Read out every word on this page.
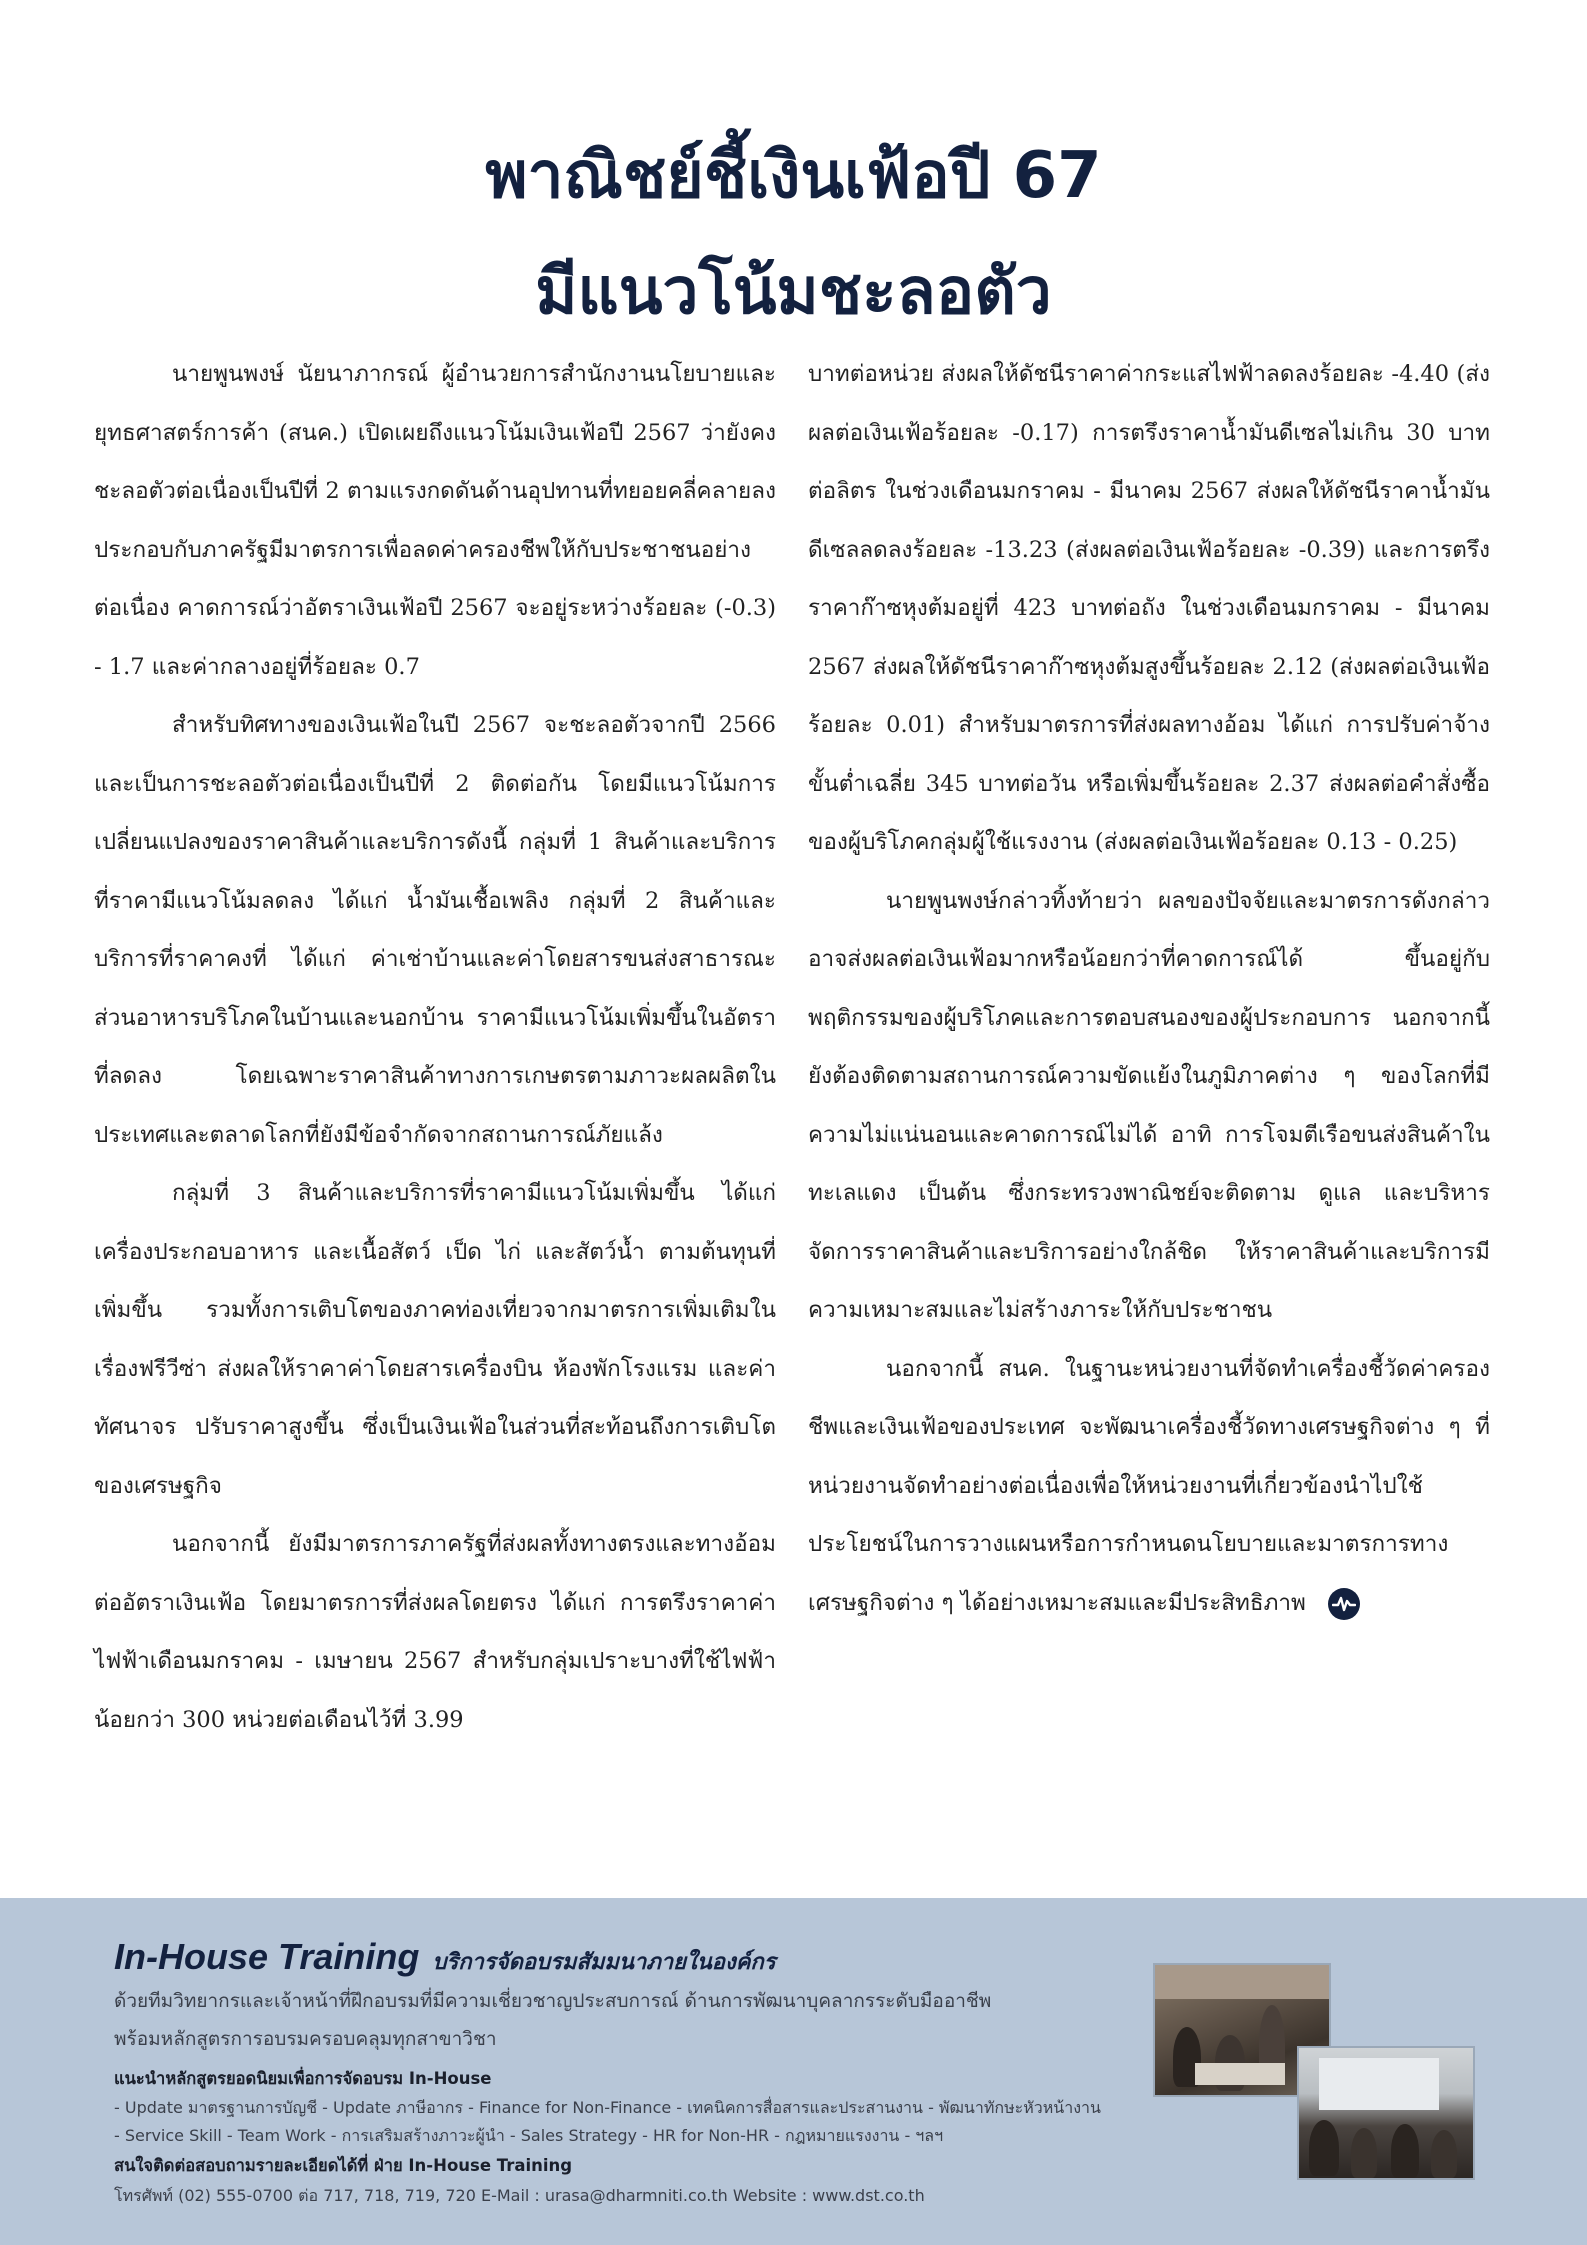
พาณิชย์ชี้เงินเฟ้อปี 67
มีแนวโน้มชะลอตัว

นายพูนพงษ์ นัยนาภากรณ์ ผู้อำนวยการสำนักงานนโยบายและยุทธศาสตร์การค้า (สนค.) เปิดเผยถึงแนวโน้มเงินเฟ้อปี 2567 ว่ายังคงชะลอตัวต่อเนื่องเป็นปีที่ 2 ตามแรงกดดันด้านอุปทานที่ทยอยคลี่คลายลง ประกอบกับภาครัฐมีมาตรการเพื่อลดค่าครองชีพให้กับประชาชนอย่างต่อเนื่อง คาดการณ์ว่าอัตราเงินเฟ้อปี 2567 จะอยู่ระหว่างร้อยละ (-0.3) - 1.7 และค่ากลางอยู่ที่ร้อยละ 0.7

สำหรับทิศทางของเงินเฟ้อในปี 2567 จะชะลอตัวจากปี 2566 และเป็นการชะลอตัวต่อเนื่องเป็นปีที่ 2 ติดต่อกัน โดยมีแนวโน้มการเปลี่ยนแปลงของราคาสินค้าและบริการดังนี้ กลุ่มที่ 1 สินค้าและบริการที่ราคามีแนวโน้มลดลง ได้แก่ น้ำมันเชื้อเพลิง กลุ่มที่ 2 สินค้าและบริการที่ราคาคงที่ ได้แก่ ค่าเช่าบ้านและค่าโดยสารขนส่งสาธารณะ ส่วนอาหารบริโภคในบ้านและนอกบ้าน ราคามีแนวโน้มเพิ่มขึ้นในอัตราที่ลดลง โดยเฉพาะราคาสินค้าทางการเกษตรตามภาวะผลผลิตในประเทศและตลาดโลกที่ยังมีข้อจำกัดจากสถานการณ์ภัยแล้ง

กลุ่มที่ 3 สินค้าและบริการที่ราคามีแนวโน้มเพิ่มขึ้น ได้แก่ เครื่องประกอบอาหาร และเนื้อสัตว์ เป็ด ไก่ และสัตว์น้ำ ตามต้นทุนที่เพิ่มขึ้น รวมทั้งการเติบโตของภาคท่องเที่ยวจากมาตรการเพิ่มเติมในเรื่องฟรีวีซ่า ส่งผลให้ราคาค่าโดยสารเครื่องบิน ห้องพักโรงแรม และค่าทัศนาจร ปรับราคาสูงขึ้น ซึ่งเป็นเงินเฟ้อในส่วนที่สะท้อนถึงการเติบโตของเศรษฐกิจ

นอกจากนี้ ยังมีมาตรการภาครัฐที่ส่งผลทั้งทางตรงและทางอ้อมต่ออัตราเงินเฟ้อ โดยมาตรการที่ส่งผลโดยตรง ได้แก่ การตรึงราคาค่าไฟฟ้าเดือนมกราคม - เมษายน 2567 สำหรับกลุ่มเปราะบางที่ใช้ไฟฟ้าน้อยกว่า 300 หน่วยต่อเดือนไว้ที่ 3.99

บาทต่อหน่วย ส่งผลให้ดัชนีราคาค่ากระแสไฟฟ้าลดลงร้อยละ -4.40 (ส่งผลต่อเงินเฟ้อร้อยละ -0.17) การตรึงราคาน้ำมันดีเซลไม่เกิน 30 บาทต่อลิตร ในช่วงเดือนมกราคม - มีนาคม 2567 ส่งผลให้ดัชนีราคาน้ำมันดีเซลลดลงร้อยละ -13.23 (ส่งผลต่อเงินเฟ้อร้อยละ -0.39) และการตรึงราคาก๊าซหุงต้มอยู่ที่ 423 บาทต่อถัง ในช่วงเดือนมกราคม - มีนาคม 2567 ส่งผลให้ดัชนีราคาก๊าซหุงต้มสูงขึ้นร้อยละ 2.12 (ส่งผลต่อเงินเฟ้อร้อยละ 0.01) สำหรับมาตรการที่ส่งผลทางอ้อม ได้แก่ การปรับค่าจ้างขั้นต่ำเฉลี่ย 345 บาทต่อวัน หรือเพิ่มขึ้นร้อยละ 2.37 ส่งผลต่อคำสั่งซื้อของผู้บริโภคกลุ่มผู้ใช้แรงงาน (ส่งผลต่อเงินเฟ้อร้อยละ 0.13 - 0.25)

นายพูนพงษ์กล่าวทิ้งท้ายว่า ผลของปัจจัยและมาตรการดังกล่าว อาจส่งผลต่อเงินเฟ้อมากหรือน้อยกว่าที่คาดการณ์ได้ ขึ้นอยู่กับพฤติกรรมของผู้บริโภคและการตอบสนองของผู้ประกอบการ นอกจากนี้ ยังต้องติดตามสถานการณ์ความขัดแย้งในภูมิภาคต่าง ๆ ของโลกที่มีความไม่แน่นอนและคาดการณ์ไม่ได้ อาทิ การโจมตีเรือขนส่งสินค้าในทะเลแดง เป็นต้น ซึ่งกระทรวงพาณิชย์จะติดตาม ดูแล และบริหารจัดการราคาสินค้าและบริการอย่างใกล้ชิด ให้ราคาสินค้าและบริการมีความเหมาะสมและไม่สร้างภาระให้กับประชาชน

นอกจากนี้ สนค. ในฐานะหน่วยงานที่จัดทำเครื่องชี้วัดค่าครองชีพและเงินเฟ้อของประเทศ จะพัฒนาเครื่องชี้วัดทางเศรษฐกิจต่าง ๆ ที่หน่วยงานจัดทำอย่างต่อเนื่องเพื่อให้หน่วยงานที่เกี่ยวข้องนำไปใช้ประโยชน์ในการวางแผนหรือการกำหนดนโยบายและมาตรการทางเศรษฐกิจต่าง ๆ ได้อย่างเหมาะสมและมีประสิทธิภาพ

In-House Training บริการจัดอบรมสัมมนาภายในองค์กร
ด้วยทีมวิทยากรและเจ้าหน้าที่ฝึกอบรมที่มีความเชี่ยวชาญประสบการณ์ ด้านการพัฒนาบุคลากรระดับมืออาชีพ
พร้อมหลักสูตรการอบรมครอบคลุมทุกสาขาวิชา
แนะนำหลักสูตรยอดนิยมเพื่อการจัดอบรม In-House
- Update มาตรฐานการบัญชี - Update ภาษีอากร - Finance for Non-Finance - เทคนิคการสื่อสารและประสานงาน - พัฒนาทักษะหัวหน้างาน
- Service Skill - Team Work - การเสริมสร้างภาวะผู้นำ - Sales Strategy - HR for Non-HR - กฎหมายแรงงาน - ฯลฯ
สนใจติดต่อสอบถามรายละเอียดได้ที่ ฝ่าย In-House Training
โทรศัพท์ (02) 555-0700 ต่อ 717, 718, 719, 720 E-Mail : urasa@dharmniti.co.th Website : www.dst.co.th
